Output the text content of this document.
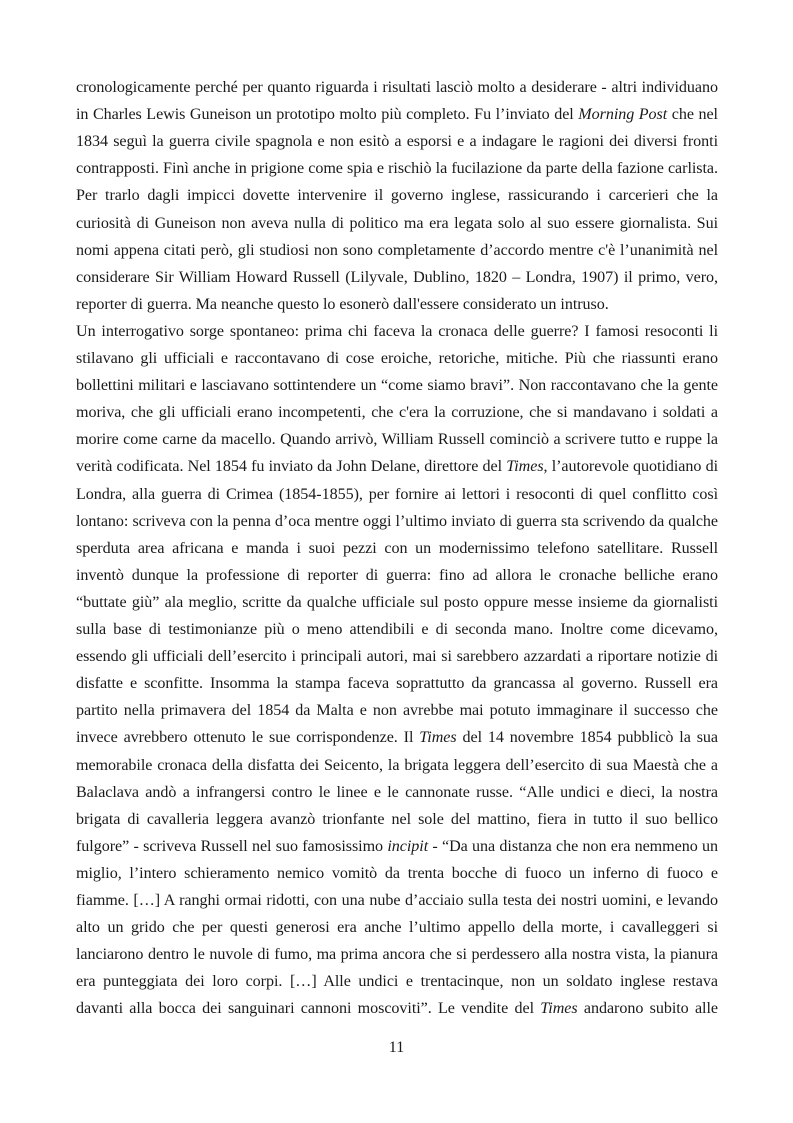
cronologicamente perché per quanto riguarda i risultati lasciò molto a desiderare - altri individuano
in Charles Lewis Guneison un prototipo molto più completo. Fu l’inviato del Morning Post che nel
1834 seguì la guerra civile spagnola e non esitò a esporsi e a indagare le ragioni dei diversi fronti
contrapposti. Finì anche in prigione come spia e rischiò la fucilazione da parte della fazione carlista.
Per trarlo dagli impicci dovette intervenire il governo inglese, rassicurando i carcerieri che la
curiosità di Guneison non aveva nulla di politico ma era legata solo al suo essere giornalista. Sui
nomi appena citati però, gli studiosi non sono completamente d’accordo mentre c'è l’unanimità nel
considerare Sir William Howard Russell (Lilyvale, Dublino, 1820 – Londra, 1907) il primo, vero,
reporter di guerra. Ma neanche questo lo esonerò dall'essere considerato un intruso.
Un interrogativo sorge spontaneo: prima chi faceva la cronaca delle guerre? I famosi resoconti li
stilavano gli ufficiali e raccontavano di cose eroiche, retoriche, mitiche. Più che riassunti erano
bollettini militari e lasciavano sottintendere un “come siamo bravi”. Non raccontavano che la gente
moriva, che gli ufficiali erano incompetenti, che c'era la corruzione, che si mandavano i soldati a
morire come carne da macello. Quando arrivò, William Russell cominciò a scrivere tutto e ruppe la
verità codificata. Nel 1854 fu inviato da John Delane, direttore del Times, l’autorevole quotidiano di
Londra, alla guerra di Crimea (1854-1855), per fornire ai lettori i resoconti di quel conflitto così
lontano: scriveva con la penna d’oca mentre oggi l’ultimo inviato di guerra sta scrivendo da qualche
sperduta area africana e manda i suoi pezzi con un modernissimo telefono satellitare. Russell
inventò dunque la professione di reporter di guerra: fino ad allora le cronache belliche erano
“buttate giù” ala meglio, scritte da qualche ufficiale sul posto oppure messe insieme da giornalisti
sulla base di testimonianze più o meno attendibili e di seconda mano. Inoltre come dicevamo,
essendo gli ufficiali dell’esercito i principali autori, mai si sarebbero azzardati a riportare notizie di
disfatte e sconfitte. Insomma la stampa faceva soprattutto da grancassa al governo. Russell era
partito nella primavera del 1854 da Malta e non avrebbe mai potuto immaginare il successo che
invece avrebbero ottenuto le sue corrispondenze. Il Times del 14 novembre 1854 pubblicò la sua
memorabile cronaca della disfatta dei Seicento, la brigata leggera dell’esercito di sua Maestà che a
Balaclava andò a infrangersi contro le linee e le cannonate russe. “Alle undici e dieci, la nostra
brigata di cavalleria leggera avanzò trionfante nel sole del mattino, fiera in tutto il suo bellico
fulgore” - scriveva Russell nel suo famosissimo incipit - “Da una distanza che non era nemmeno un
miglio, l’intero schieramento nemico vomitò da trenta bocche di fuoco un inferno di fuoco e
fiamme. […] A ranghi ormai ridotti, con una nube d’acciaio sulla testa dei nostri uomini, e levando
alto un grido che per questi generosi era anche l’ultimo appello della morte, i cavalleggeri si
lanciarono dentro le nuvole di fumo, ma prima ancora che si perdessero alla nostra vista, la pianura
era punteggiata dei loro corpi. […] Alle undici e trentacinque, non un soldato inglese restava
davanti alla bocca dei sanguinari cannoni moscoviti”. Le vendite del Times andarono subito alle
11
